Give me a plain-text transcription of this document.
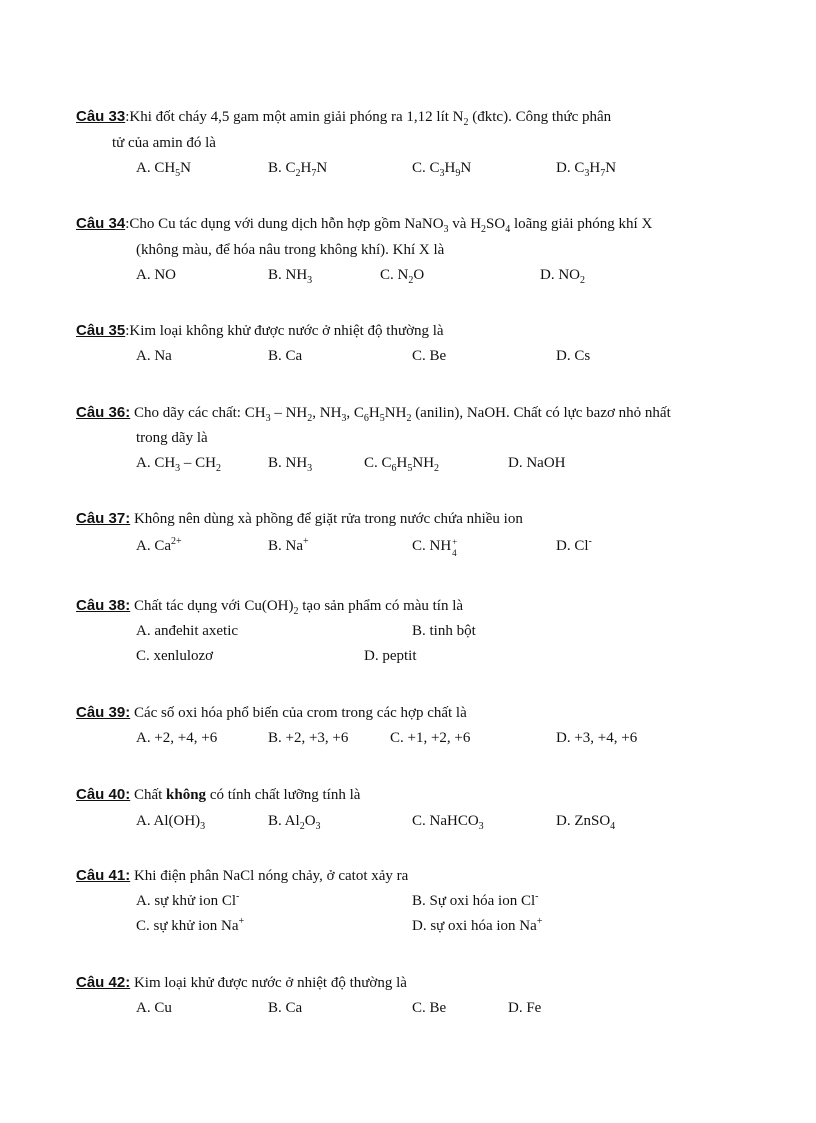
Câu 33:Khi đốt cháy 4,5 gam một amin giải phóng ra 1,12 lít $N_2$ (đktc). Công thức phân
tử của amin đó là
A. $CH_5N$	B. $C_2H_7N$	C. $C_3H_9N$	D. $C_3H_7N$
Câu 34:Cho Cu tác dụng với dung dịch hỗn hợp gồm NaNO$_3$ và $H_2SO_4$ loãng giải phóng khí X
(không màu, để hóa nâu trong không khí). Khí X là
A. NO	B. $NH_3$	C. $N_2O$	D. $NO_2$
Câu 35:Kim loại không khử được nước ở nhiệt độ thường là
A. Na	B. Ca	C. Be	D. Cs
Câu 36: Cho dãy các chất: $CH_3 - NH_2$, $NH_3$, $C_6H_5NH_2$ (anilin), NaOH. Chất có lực bazơ nhỏ nhất
trong dãy là
A. $CH_3 - CH_2$	B. $NH_3$	C. $C_6H_5NH_2$	D. NaOH
Câu 37: Không nên dùng xà phồng để giặt rửa trong nước chứa nhiều ion
A. $Ca^{2+}$	B. Na+	C. NH +
4	D. Cl-
Câu 38: Chất tác dụng với $Cu(OH)_2$ tạo sản phẩm có màu tín là
A. anđehit axetic	B. tinh bột
C. xenlulozơ	D. peptit
Câu 39: Các số oxi hóa phổ biến của crom trong các hợp chất là
A. +2, +4, +6	B. +2, +3, +6	C. +1, +2, +6	D. +3, +4, +6
Câu 40: Chất không có tính chất lưỡng tính là
A. $Al(OH)_3$	B. $Al_2O_3$	C. NaHCO$_3$	D. ZnSO$_4$
Câu 41: Khi điện phân NaCl nóng chảy, ở catot xảy ra
A. sự khử ion Cl-	B. Sự oxi hóa ion Cl-
C. sự khử ion Na+	D. sự oxi hóa ion Na+
Câu 42: Kim loại khử được nước ở nhiệt độ thường là
A. Cu	B. Ca	C. Be	D. Fe
